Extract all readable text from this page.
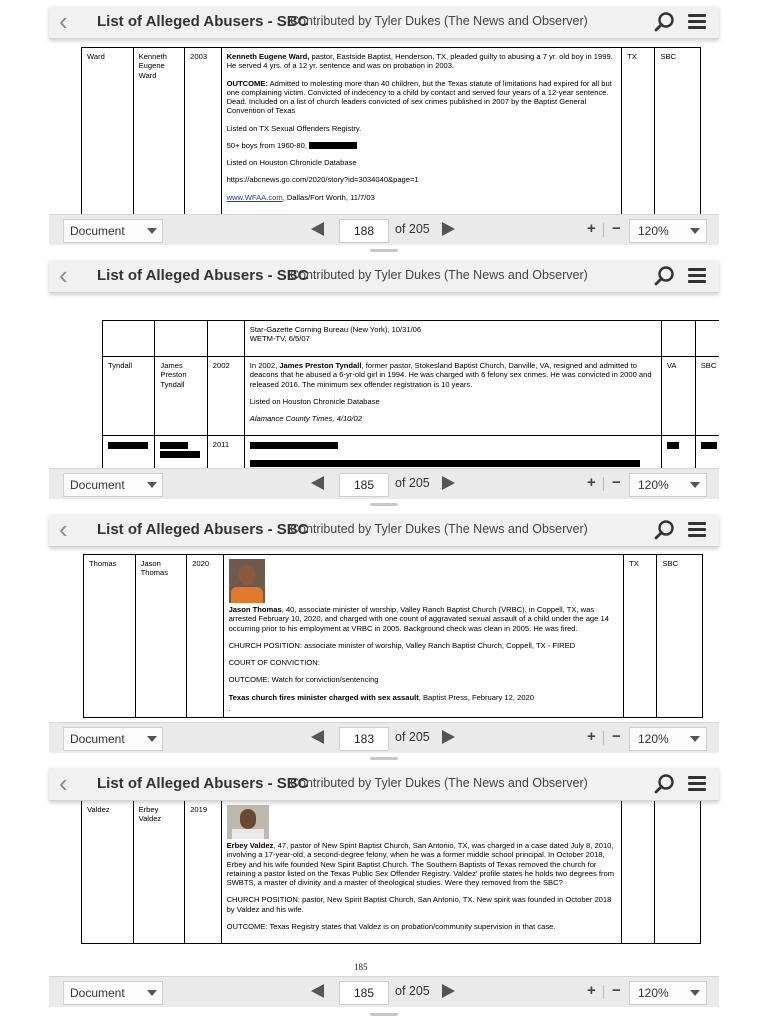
‹	List of Alleged Abusers - SBC
Contributed by Tyler Dukes (The News and Observer)
Ward	Kenneth Eugene Ward	2003	Kenneth Eugene Ward, pastor, Eastside Baptist, Henderson, TX, pleaded guilty to abusing a 7 yr. old boy in 1999. He served 4 yrs. of a 12 yr. sentence and was on probation in 2003.

OUTCOME: Admitted to molesting more than 40 children, but the Texas statute of limitations had expired for all but one complaining victim. Convicted of indecency to a child by contact and served four years of a 12-year sentence. Dead. Included on a list of church leaders convicted of sex crimes published in 2007 by the Baptist General Convention of Texas

Listed on TX Sexual Offenders Registry.

50+ boys from 1960-80,

Listed on Houston Chronicle Database

https://abcnews.go.com/2020/story?id=3034040&page=1

www.WFAA.com, Dallas/Fort Worth, 11/7/03

	TX	SBC
Document	188	of 205	+ − 120%
‹	List of Alleged Abusers - SBC
Contributed by Tyler Dukes (The News and Observer)

			Star-Gazette Corning Bureau (New York), 10/31/06
WETM-TV, 6/5/07		

Tyndall	James Preston Tyndall	2002	In 2002, James Preston Tyndall, former pastor, Stokesland Baptist Church, Danville, VA, resigned and admitted to deacons that he abused a 6-yr-old girl in 1994. He was charged with 6 felony sex crimes. He was convicted in 2000 and released 2016. The minimum sex offender registration is 10 years.

Listed on Houston Chronicle Database

Alamance County Times, 4/10/02	VA	SBC

	2011	

Document	185	of 205	+ − 120%
‹	List of Alleged Abusers - SBC
Contributed by Tyler Dukes (The News and Observer)
Thomas	Jason Thomas	2020	

Jason Thomas, 40, associate minister of worship, Valley Ranch Baptist Church (VRBC), in Coppell, TX, was arrested February 10, 2020, and charged with one count of aggravated sexual assault of a child under the age 14 occurring prior to his employment at VRBC in 2005. Background check was clean in 2005. He was fired.

CHURCH POSITION: associate minister of worship, Valley Ranch Baptist Church, Coppell, TX - FIRED

COURT OF CONVICTION:

OUTCOME: Watch for conviction/sentencing

Texas church fires minister charged with sex assault, Baptist Press, February 12, 2020

.
	TX	SBC
Document	183	of 205	+ − 120%
‹	List of Alleged Abusers - SBC
Contributed by Tyler Dukes (The News and Observer)
Valdez	Erbey Valdez	2019	

Erbey Valdez, 47, pastor of New Spirit Baptist Church, San Antonio, TX, was charged in a case dated July 8, 2010, involving a 17-year-old, a second-degree felony, when he was a former middle school principal. In October 2018, Erbey and his wife founded New Spirit Baptist Church. The Southern Baptists of Texas removed the church for retaining a pastor listed on the Texas Public Sex Offender Registry. Valdez' profile states he holds two degrees from SWBTS, a master of divinity and a master of theological studies. Were they removed from the SBC?

CHURCH POSITION: pastor, New Spirit Baptist Church, San Antonio, TX. New spirit was founded in October 2018 by Valdez and his wife.

OUTCOME: Texas Registry states that Valdez is on probation/community supervision in that case.

185
Document	185	of 205	+ − 120%
